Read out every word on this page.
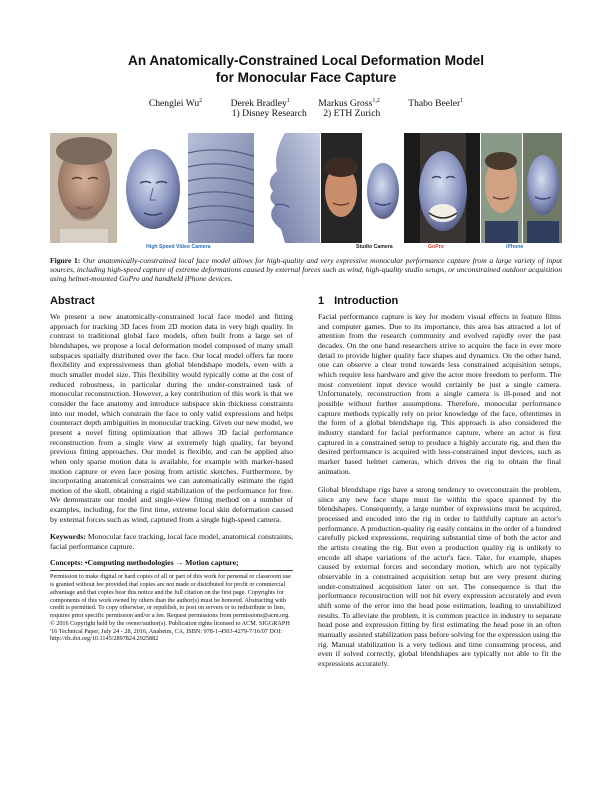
An Anatomically-Constrained Local Deformation Model
for Monocular Face Capture
Chenglei Wu$^2$	Derek Bradley$^1$	Markus Gross$^{1,2}$	Thabo Beeler$^1$
1) Disney Research 2) ETH Zurich
High Speed Video Camera	Studio Camera	GoPro	iPhone
Figure 1: Our anatomically-constrained local face model allows for high-quality and very expressive monocular performance capture from a large variety of input sources, including high-speed capture of extreme deformations caused by external forces such as wind, high-quality studio setups, or unconstrained outdoor acquisition using helmet-mounted GoPro and handheld iPhone devices.
Abstract

We present a new anatomically-constrained local face model and fitting approach for tracking 3D faces from 2D motion data in very high quality. In contrast to traditional global face models, often built from a large set of blendshapes, we propose a local deformation model composed of many small subspaces spatially distributed over the face. Our local model offers far more flexibility and expressiveness than global blendshape models, even with a much smaller model size. This flexibility would typically come at the cost of reduced robustness, in particular during the under-constrained task of monocular reconstruction. However, a key contribution of this work is that we consider the face anatomy and introduce subspace skin thickness constraints into our model, which constrain the face to only valid expressions and helps counteract depth ambiguities in monocular tracking. Given our new model, we present a novel fitting optimization that allows 3D facial performance reconstruction from a single view at extremely high quality, far beyond previous fitting approaches. Our model is flexible, and can be applied also when only sparse motion data is available, for example with marker-based motion capture or even face posing from artistic sketches. Furthermore, by incorporating anatomical constraints we can automatically estimate the rigid motion of the skull, obtaining a rigid stabilization of the performance for free. We demonstrate our model and single-view fitting method on a number of examples, including, for the first time, extreme local skin deformation caused by external forces such as wind, captured from a single high-speed camera.

Keywords: Monocular face tracking, local face model, anatomical constraints, facial performance capture.

Concepts: •Computing methodologies → Motion capture;

Permission to make digital or hard copies of all or part of this work for personal or classroom use is granted without fee provided that copies are not made or distributed for profit or commercial advantage and that copies bear this notice and the full citation on the first page. Copyrights for components of this work owned by others than the author(s) must be honored. Abstracting with credit is permitted. To copy otherwise, or republish, to post on servers or to redistribute to lists, requires prior specific permission and/or a fee. Request permissions from permissions@acm.org. © 2016 Copyright held by the owner/author(s). Publication rights licensed to ACM. SIGGRAPH '16 Technical Paper, July 24 - 28, 2016, Anaheim, CA, ISBN: 978-1-4503-4279-7/16/07 DOI: http://dx.doi.org/10.1145/2897824.2925882
1 Introduction

Facial performance capture is key for modern visual effects in feature films and computer games. Due to its importance, this area has attracted a lot of attention from the research community and evolved rapidly over the past decades. On the one hand researchers strive to acquire the face in ever more detail to provide higher quality face shapes and dynamics. On the other hand, one can observe a clear trend towards less constrained acquisition setups, which require less hardware and give the actor more freedom to perform. The most convenient input device would certainly be just a single camera. Unfortunately, reconstruction from a single camera is ill-posed and not possible without further assumptions. Therefore, monocular performance capture methods typically rely on prior knowledge of the face, oftentimes in the form of a global blendshape rig. This approach is also considered the industry standard for facial performance capture, where an actor is first captured in a constrained setup to produce a highly accurate rig, and then the desired performance is acquired with less-constrained input devices, such as marker based helmet cameras, which drives the rig to obtain the final animation.

Global blendshape rigs have a strong tendency to overconstrain the problem, since any new face shape must lie within the space spanned by the blendshapes. Consequently, a large number of expressions must be acquired, processed and encoded into the rig in order to faithfully capture an actor's performance. A production-quality rig easily contains in the order of a hundred carefully picked expressions, requiring substantial time of both the actor and the artists creating the rig. But even a production quality rig is unlikely to encode all shape variations of the actor's face. Take, for example, shapes caused by external forces and secondary motion, which are not typically observable in a constrained acquisition setup but are very present during under-constrained acquisition later on set. The consequence is that the performance reconstruction will not hit every expression accurately and even shift some of the error into the head pose estimation, leading to unstabilized results. To alleviate the problem, it is common practice in industry to separate head pose and expression fitting by first estimating the head pose in an often manually assisted stabilization pass before solving for the expression using the rig. Manual stabilization is a very tedious and time consuming process, and even if solved correctly, global blendshapes are typically not able to fit the expressions accurately.
